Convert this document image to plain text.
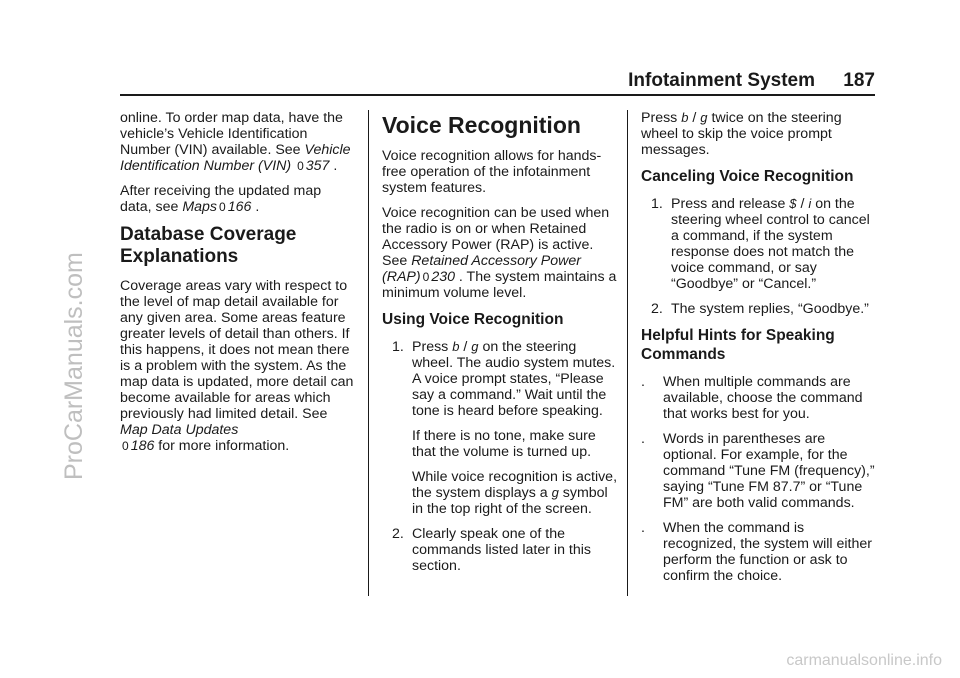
ProCarManuals.com
Infotainment System 187

online. To order map data, have the vehicle’s Vehicle Identification Number (VIN) available. See Vehicle Identification Number (VIN) 0 357 .

After receiving the updated map data, see Maps 0 166 .

Database Coverage Explanations

Coverage areas vary with respect to the level of map detail available for any given area. Some areas feature greater levels of detail than others. If this happens, it does not mean there is a problem with the system. As the map data is updated, more detail can become available for areas which previously had limited detail. See Map Data Updates
0 186 for more information.

Voice Recognition

Voice recognition allows for hands-free operation of the infotainment system features.

Voice recognition can be used when the radio is on or when Retained Accessory Power (RAP) is active. See Retained Accessory Power (RAP) 0 230 . The system maintains a minimum volume level.

Using Voice Recognition
1. Press b / g on the steering wheel. The audio system mutes. A voice prompt states, “Please say a command.” Wait until the tone is heard before speaking.

If there is no tone, make sure that the volume is turned up.

While voice recognition is active, the system displays a g symbol in the top right of the screen.

2. Clearly speak one of the commands listed later in this section.

Press b / g twice on the steering wheel to skip the voice prompt messages.

Canceling Voice Recognition
1. Press and release $ / i on the steering wheel control to cancel a command, if the system response does not match the voice command, or say “Goodbye” or “Cancel.”

2. The system replies, “Goodbye.”

Helpful Hints for Speaking Commands
. When multiple commands are available, choose the command that works best for you.

. Words in parentheses are optional. For example, for the command “Tune FM (frequency),” saying “Tune FM 87.7” or “Tune FM” are both valid commands.

. When the command is recognized, the system will either perform the function or ask to confirm the choice.

carmanualsonline.info
